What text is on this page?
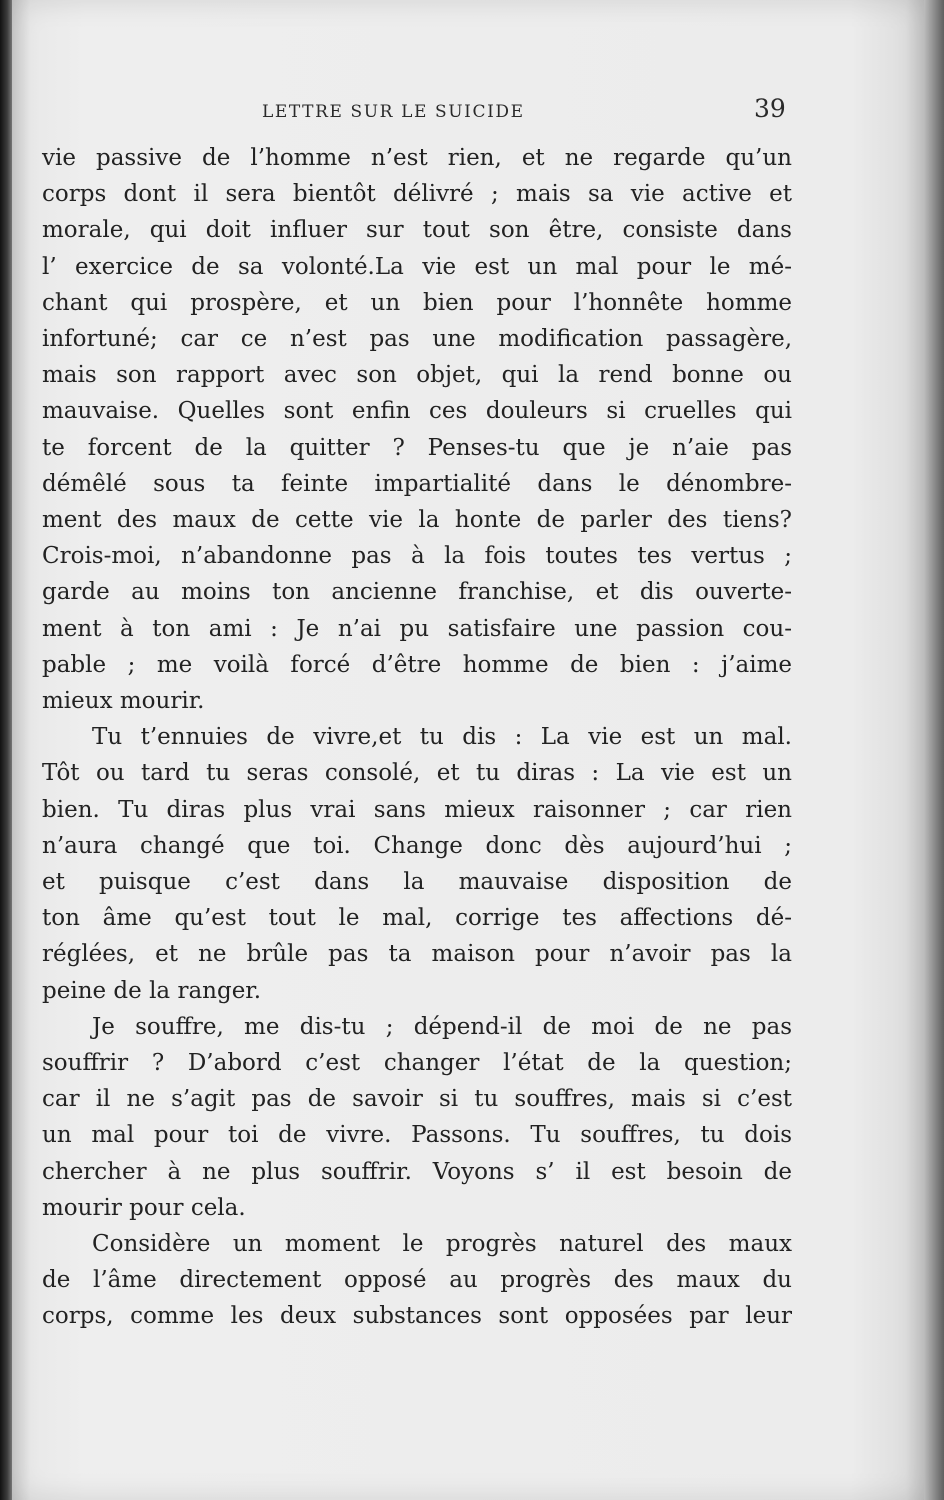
LETTRE SUR LE SUICIDE	39
vie passive de l’homme n’est rien, et ne regarde qu’un
corps dont il sera bientôt délivré ; mais sa vie active et
morale, qui doit influer sur tout son être, consiste dans
l’ exercice de sa volonté.La vie est un mal pour le mé-
chant qui prospère, et un bien pour l’honnête homme
infortuné; car ce n’est pas une modification passagère,
mais son rapport avec son objet, qui la rend bonne ou
mauvaise. Quelles sont enfin ces douleurs si cruelles qui
te forcent de la quitter ? Penses-tu que je n’aie pas
démêlé sous ta feinte impartialité dans le dénombre-
ment des maux de cette vie la honte de parler des tiens?
Crois-moi, n’abandonne pas à la fois toutes tes vertus ;
garde au moins ton ancienne franchise, et dis ouverte-
ment à ton ami : Je n’ai pu satisfaire une passion cou-
pable ; me voilà forcé d’être homme de bien : j’aime
mieux mourir.
Tu t’ennuies de vivre,et tu dis : La vie est un mal.
Tôt ou tard tu seras consolé, et tu diras : La vie est un
bien. Tu diras plus vrai sans mieux raisonner ; car rien
n’aura changé que toi. Change donc dès aujourd’hui ;
et puisque c’est dans la mauvaise disposition de
ton âme qu’est tout le mal, corrige tes affections dé-
réglées, et ne brûle pas ta maison pour n’avoir pas la
peine de la ranger.
Je souffre, me dis-tu ; dépend-il de moi de ne pas
souffrir ? D’abord c’est changer l’état de la question;
car il ne s’agit pas de savoir si tu souffres, mais si c’est
un mal pour toi de vivre. Passons. Tu souffres, tu dois
chercher à ne plus souffrir. Voyons s’ il est besoin de
mourir pour cela.
Considère un moment le progrès naturel des maux
de l’âme directement opposé au progrès des maux du
corps, comme les deux substances sont opposées par leur
